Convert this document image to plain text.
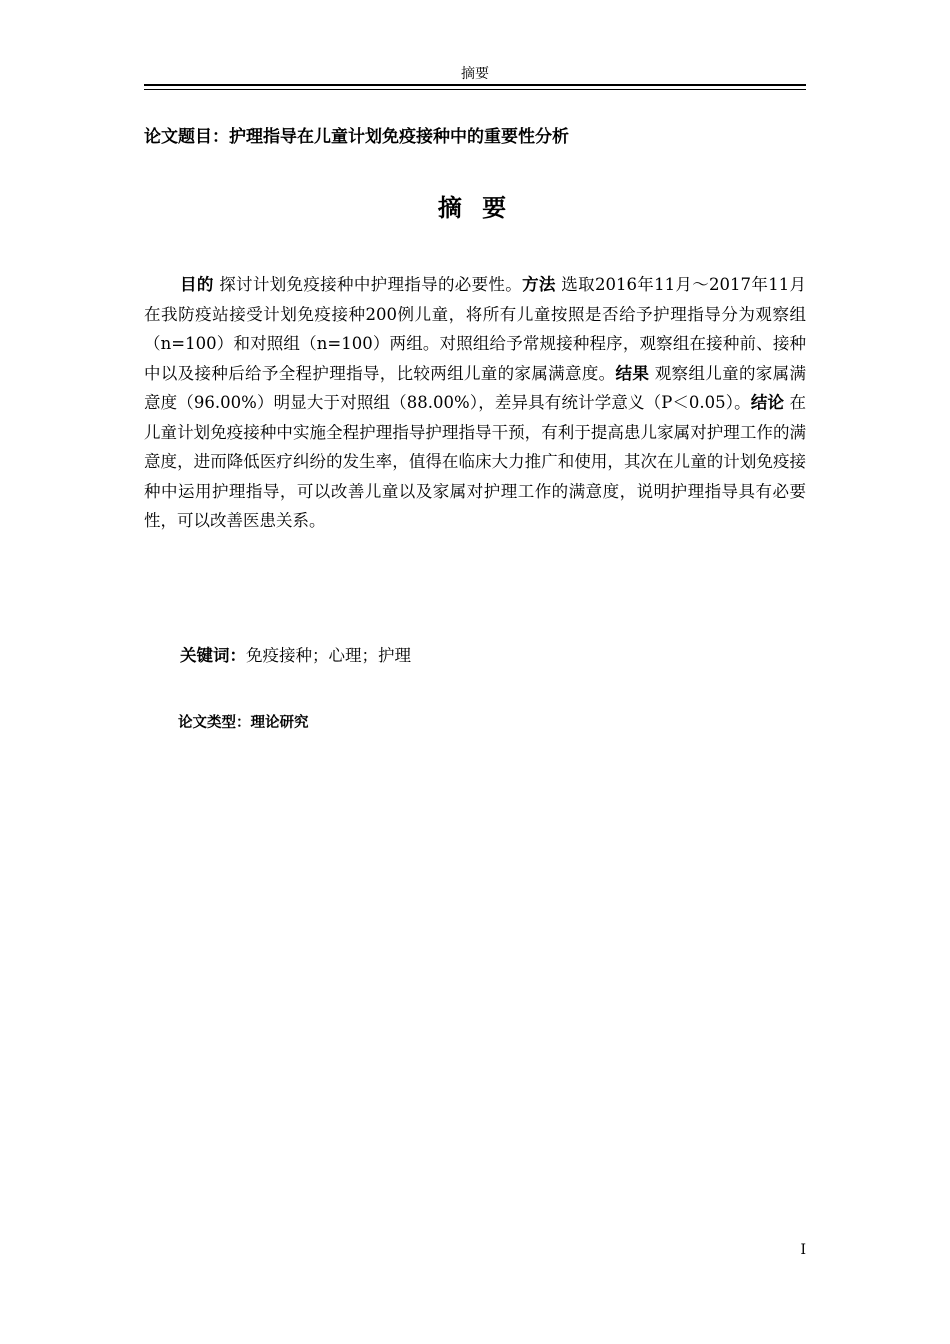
摘要
论文题目：护理指导在儿童计划免疫接种中的重要性分析
摘 要

目的 探讨计划免疫接种中护理指导的必要性。方法 选取2016年11月～2017年11月在我防疫站接受计划免疫接种200例儿童，将所有儿童按照是否给予护理指导分为观察组（n=100）和对照组（n=100）两组。对照组给予常规接种程序，观察组在接种前、接种中以及接种后给予全程护理指导，比较两组儿童的家属满意度。结果 观察组儿童的家属满意度（96.00%）明显大于对照组（88.00%），差异具有统计学意义（P＜0.05）。结论 在儿童计划免疫接种中实施全程护理指导护理指导干预，有利于提高患儿家属对护理工作的满意度，进而降低医疗纠纷的发生率，值得在临床大力推广和使用，其次在儿童的计划免疫接种中运用护理指导，可以改善儿童以及家属对护理工作的满意度，说明护理指导具有必要性，可以改善医患关系。

关键词：免疫接种；心理；护理
论文类型：理论研究
I
